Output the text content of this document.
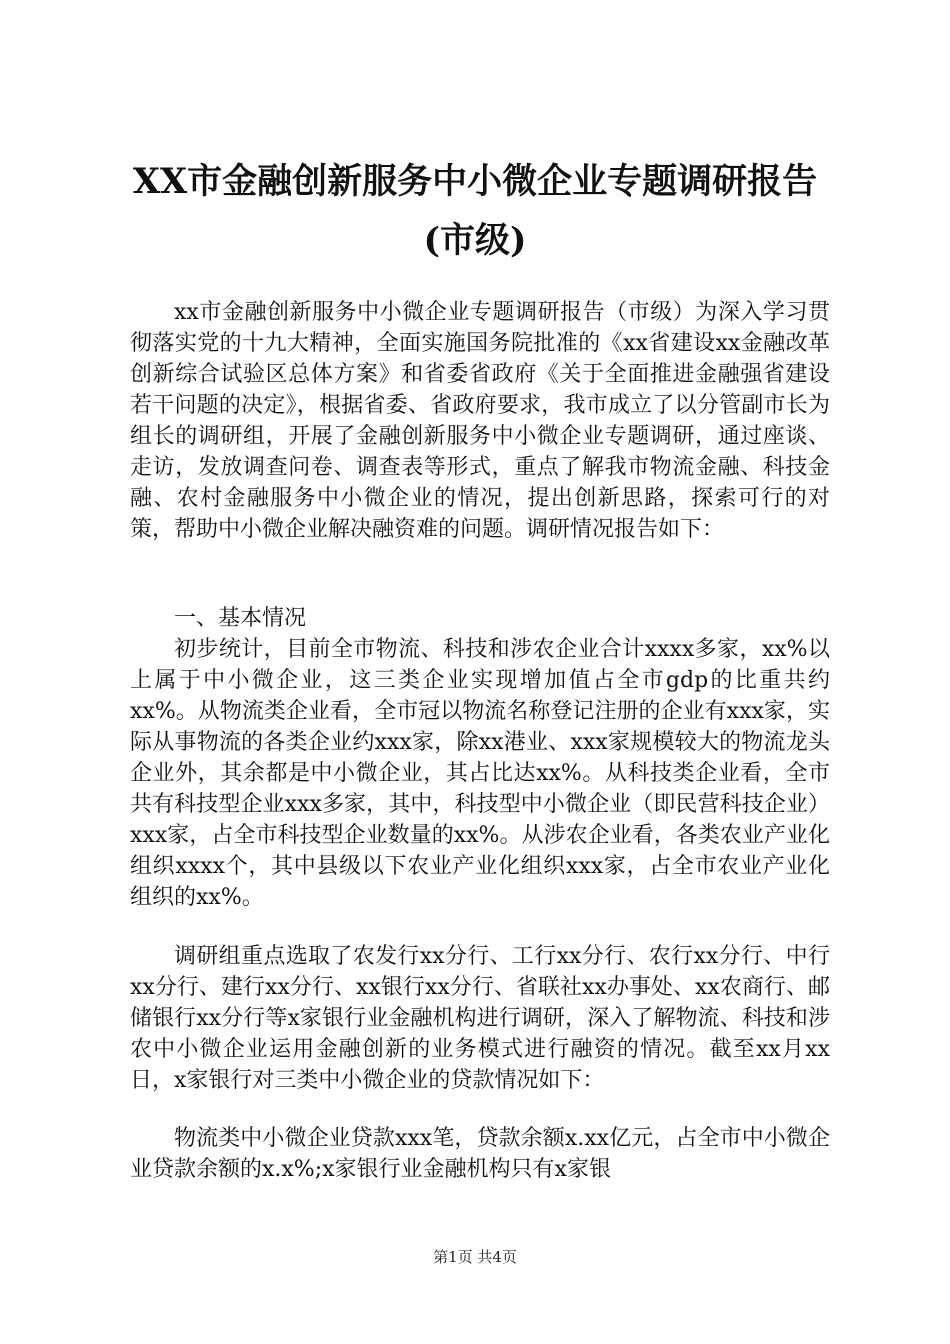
XX市金融创新服务中小微企业专题调研报告
(市级)

xx市金融创新服务中小微企业专题调研报告（市级）为深入学习贯彻落实党的十九大精神，全面实施国务院批准的《xx省建设xx金融改革创新综合试验区总体方案》和省委省政府《关于全面推进金融强省建设若干问题的决定》，根据省委、省政府要求，我市成立了以分管副市长为组长的调研组，开展了金融创新服务中小微企业专题调研，通过座谈、走访，发放调查问卷、调查表等形式，重点了解我市物流金融、科技金融、农村金融服务中小微企业的情况，提出创新思路，探索可行的对策，帮助中小微企业解决融资难的问题。调研情况报告如下：

一、基本情况

初步统计，目前全市物流、科技和涉农企业合计xxxx多家，xx%以上属于中小微企业，这三类企业实现增加值占全市gdp的比重共约xx%。从物流类企业看，全市冠以物流名称登记注册的企业有xxx家，实际从事物流的各类企业约xxx家，除xx港业、xxx家规模较大的物流龙头企业外，其余都是中小微企业，其占比达xx%。从科技类企业看，全市共有科技型企业xxx多家，其中，科技型中小微企业（即民营科技企业）xxx家，占全市科技型企业数量的xx%。从涉农企业看，各类农业产业化组织xxxx个，其中县级以下农业产业化组织xxx家，占全市农业产业化组织的xx%。

调研组重点选取了农发行xx分行、工行xx分行、农行xx分行、中行xx分行、建行xx分行、xx银行xx分行、省联社xx办事处、xx农商行、邮储银行xx分行等x家银行业金融机构进行调研，深入了解物流、科技和涉农中小微企业运用金融创新的业务模式进行融资的情况。截至xx月xx日，x家银行对三类中小微企业的贷款情况如下：

物流类中小微企业贷款xxx笔，贷款余额x.xx亿元，占全市中小微企业贷款余额的x.x%;x家银行业金融机构只有x家银

第1页 共4页
